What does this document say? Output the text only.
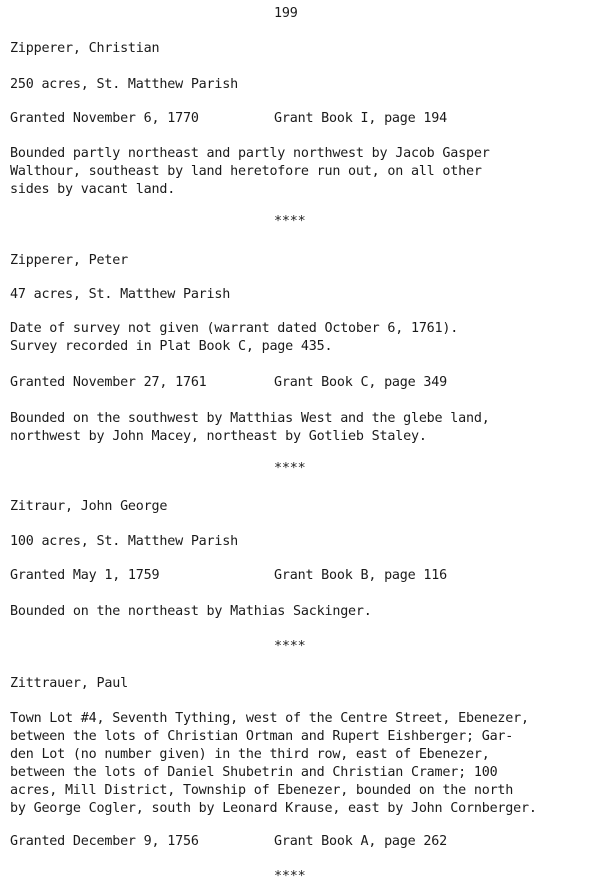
199
Zipperer, Christian
250 acres, St. Matthew Parish
Granted November 6, 1770	Grant Book I, page 194
Bounded partly northeast and partly northwest by Jacob Gasper
Walthour, southeast by land heretofore run out, on all other
sides by vacant land.
****
Zipperer, Peter
47 acres, St. Matthew Parish
Date of survey not given (warrant dated October 6, 1761).
Survey recorded in Plat Book C, page 435.
Granted November 27, 1761	Grant Book C, page 349
Bounded on the southwest by Matthias West and the glebe land,
northwest by John Macey, northeast by Gotlieb Staley.
****
Zitraur, John George
100 acres, St. Matthew Parish
Granted May 1, 1759	Grant Book B, page 116
Bounded on the northeast by Mathias Sackinger.
****
Zittrauer, Paul
Town Lot #4, Seventh Tything, west of the Centre Street, Ebenezer,
between the lots of Christian Ortman and Rupert Eishberger; Gar-
den Lot (no number given) in the third row, east of Ebenezer,
between the lots of Daniel Shubetrin and Christian Cramer; 100
acres, Mill District, Township of Ebenezer, bounded on the north
by George Cogler, south by Leonard Krause, east by John Cornberger.
Granted December 9, 1756	Grant Book A, page 262
****
